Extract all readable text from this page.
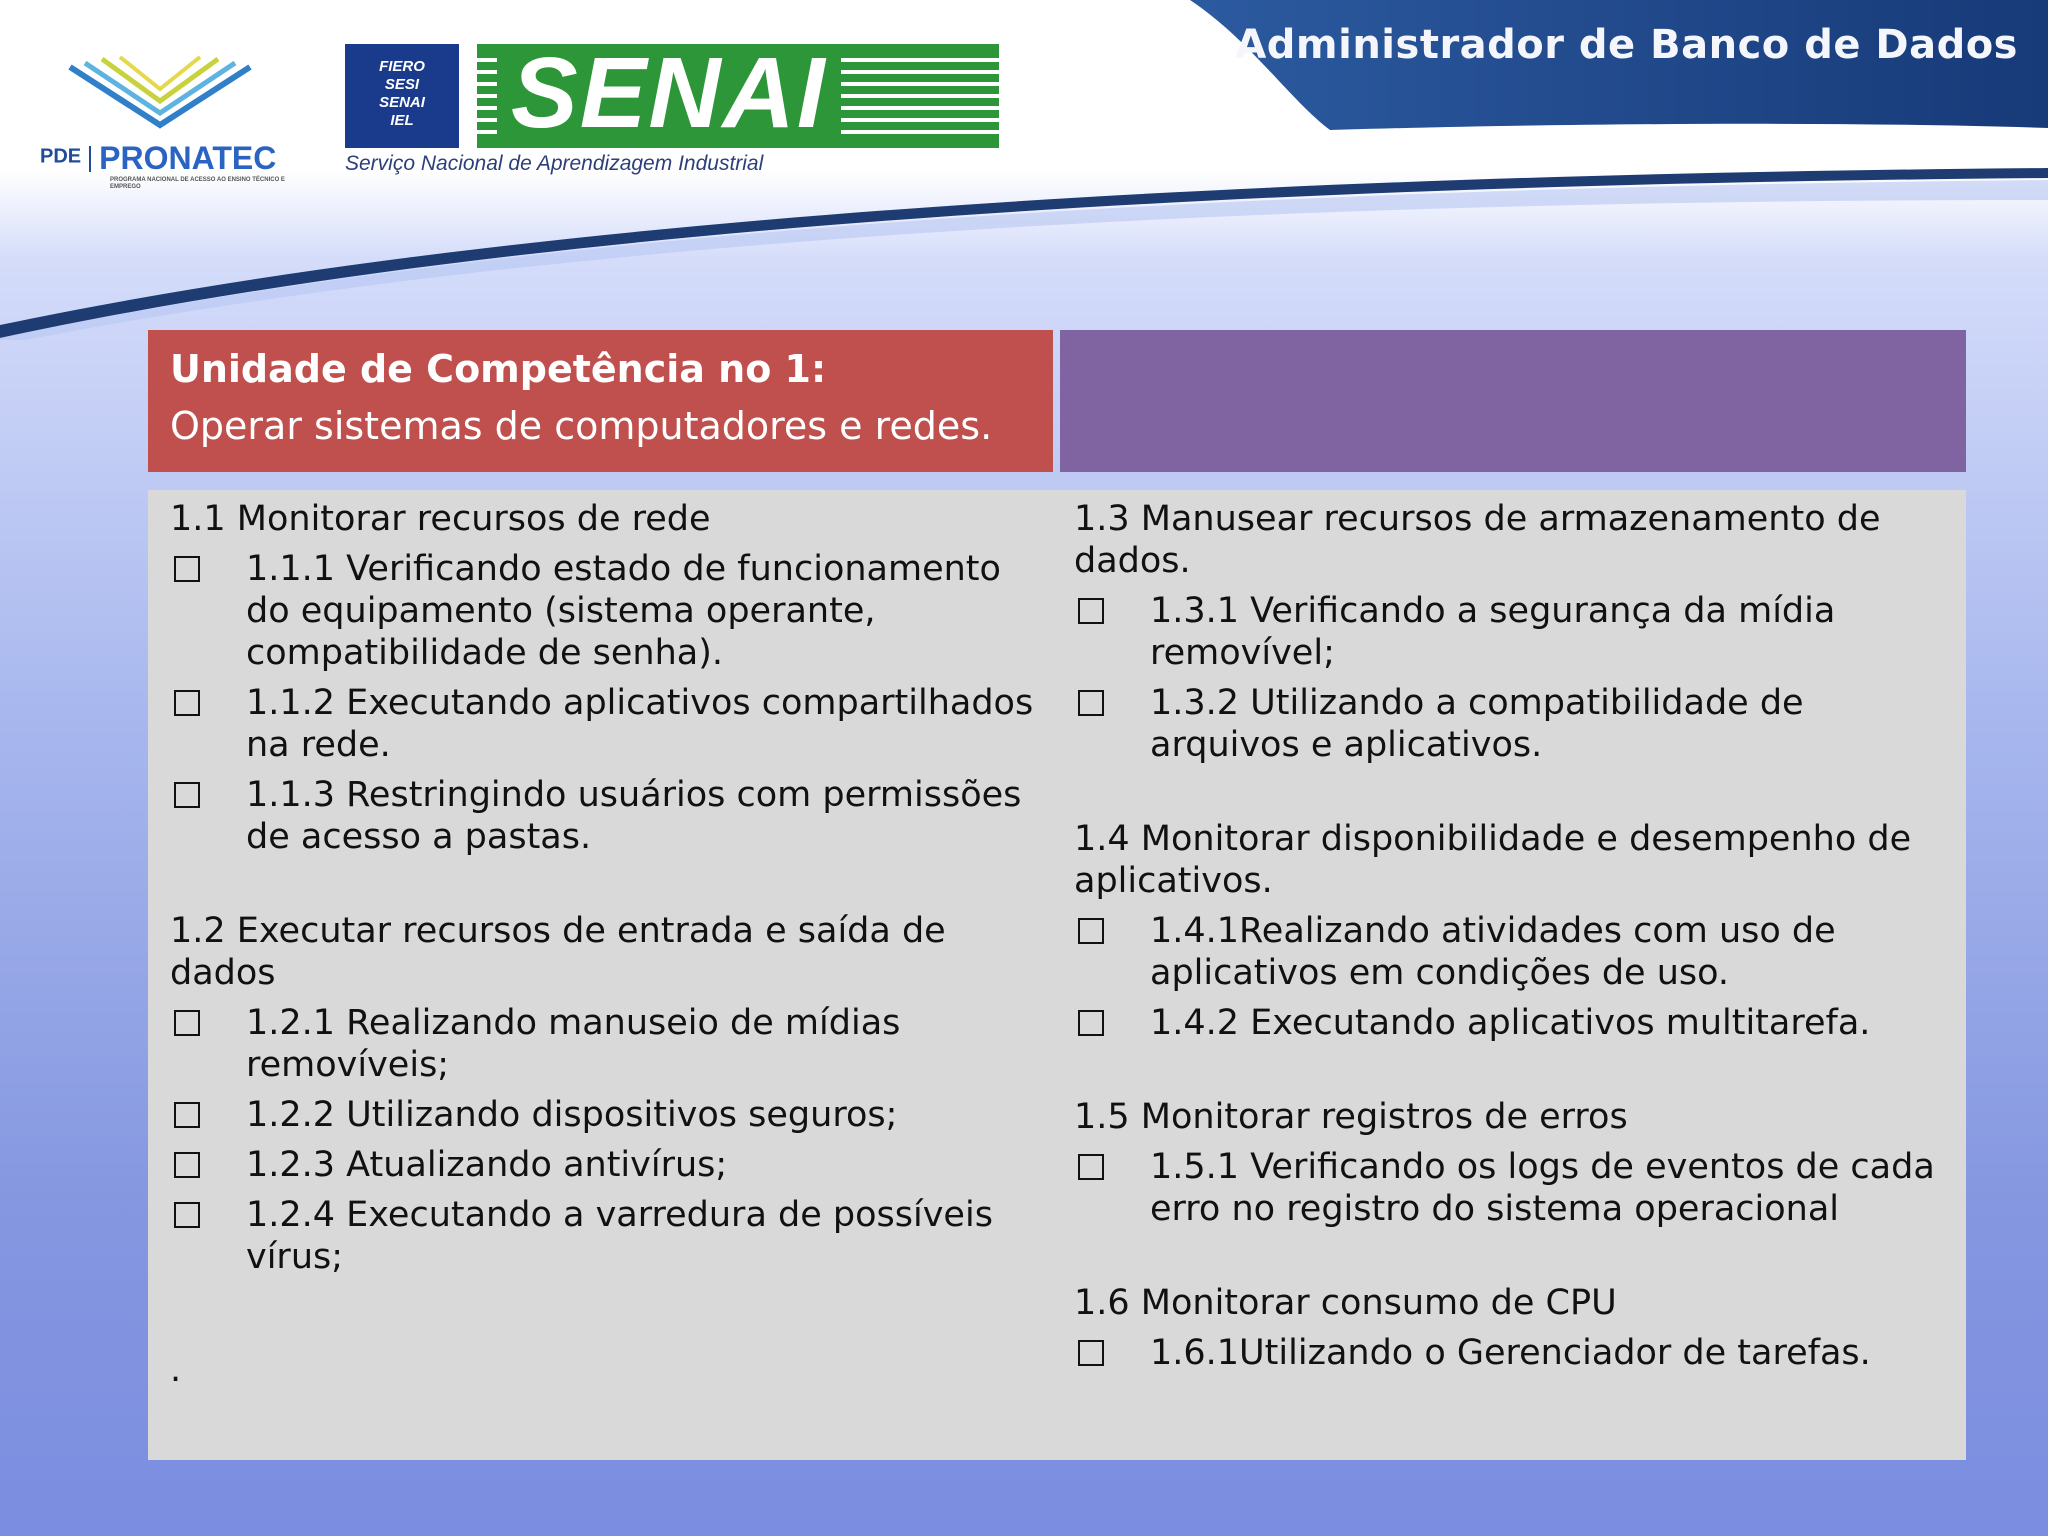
Administrador de Banco de Dados
PDE PRONATEC
PROGRAMA NACIONAL DE ACESSO AO ENSINO TÉCNICO E EMPREGO
FIERO
SESI
SENAI
IEL SENAI
Serviço Nacional de Aprendizagem Industrial
Unidade de Competência no 1:
Operar sistemas de computadores e redes.
1.1 Monitorar recursos de rede
1.1.1 Verificando estado de funcionamento do equipamento (sistema operante, compatibilidade de senha).
1.1.2 Executando aplicativos compartilhados na rede.
1.1.3 Restringindo usuários com permissões de acesso a pastas.
1.2 Executar recursos de entrada e saída de dados
1.2.1 Realizando manuseio de mídias removíveis;
1.2.2 Utilizando dispositivos seguros;
1.2.3 Atualizando antivírus;
1.2.4 Executando a varredura de possíveis vírus;
.
1.3 Manusear recursos de armazenamento de dados.
1.3.1 Verificando a segurança da mídia removível;
1.3.2 Utilizando a compatibilidade de arquivos e aplicativos.
1.4 Monitorar disponibilidade e desempenho de aplicativos.
1.4.1Realizando atividades com uso de aplicativos em condições de uso.
1.4.2 Executando aplicativos multitarefa.
1.5 Monitorar registros de erros
1.5.1 Verificando os logs de eventos de cada erro no registro do sistema operacional
1.6 Monitorar consumo de CPU
1.6.1Utilizando o Gerenciador de tarefas.
